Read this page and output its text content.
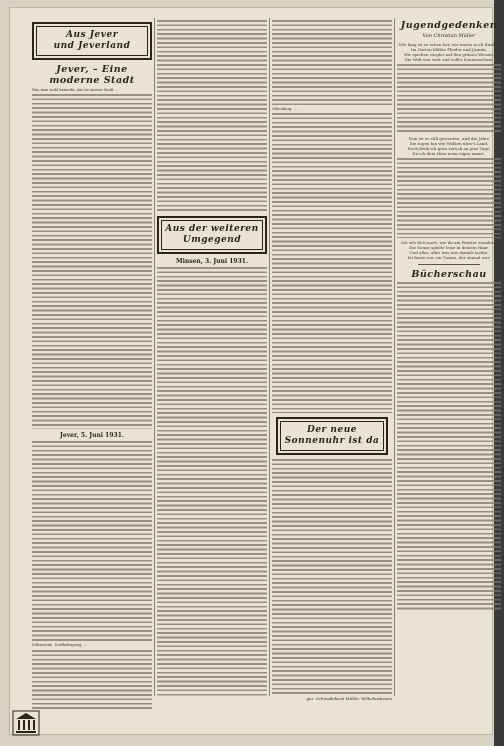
Aus Jever
und Jeverland
Jever, – Eine moderne Stadt

Was man wohl bemerkt, das ist unsere Stadt ...

Jever, 5. Juni 1931.

Sillenstede. Dorfbefragung. ...

Aus der weiteren
Umgegend
Minsen, 3. Juni 1931.

Oldenburg. ...

Der neue Sonnenuhr ist da
gez. Schmadebeck Müller, Wilhelmshaven
Jugendgedenken
Von Christian Müller
Wie lang ist es schon her, wir waren noch Kinder,
Im Garten blühte Flieder und Jasmin,
Wir spielten sorglos auf den grünen Wiesen,
Die Welt war weit und voller Sonnenschein.
Nun ist es still geworden, und die Jahre
Sie zogen hin wie Wolken über's Land,
Doch denk ich gern zurück an jene Tage,
Da ich dein Herz mein eigen nannt'.
Ich seh dich noch, wie du am Fenster standest,
Die Sonne spielte leise in deinem Haar,
Und alles, alles was uns damals lachte,
Ist heute nur ein Traum, der einmal war.
Bücherschau
